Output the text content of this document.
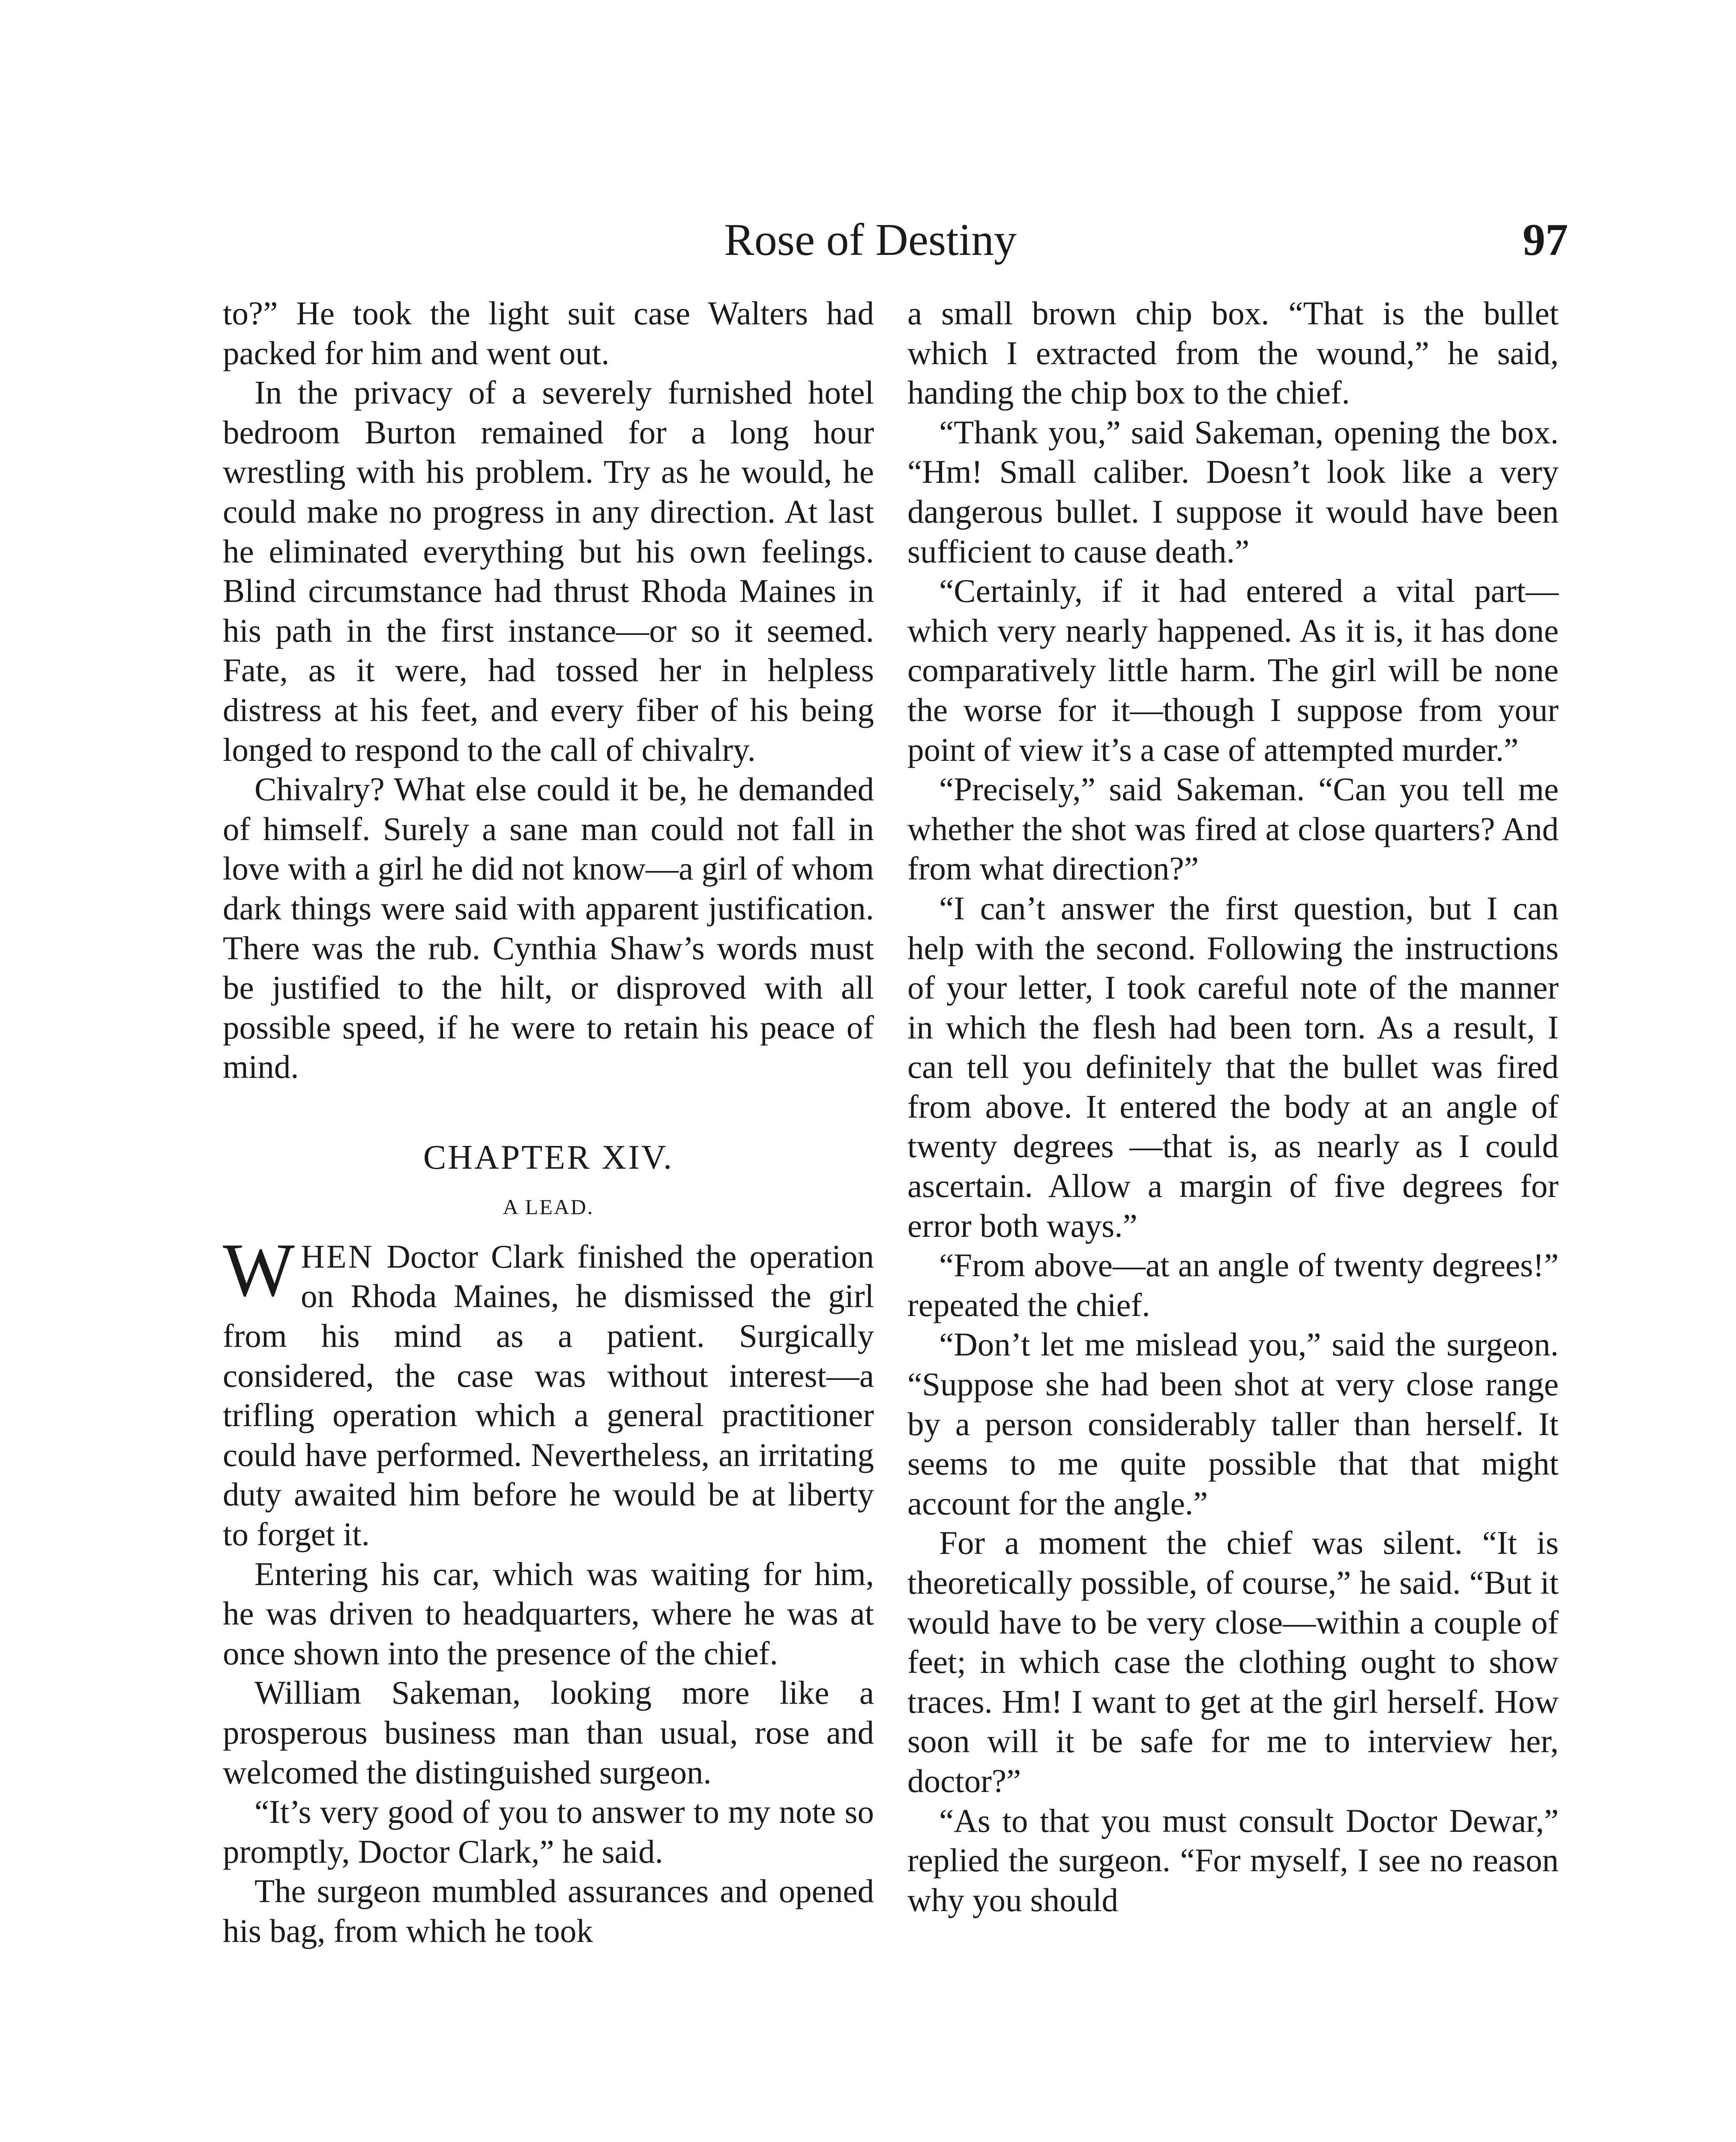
Rose of Destiny	97

to?” He took the light suit case Walters had packed for him and went out.

In the privacy of a severely furnished hotel bedroom Burton remained for a long hour wrestling with his problem. Try as he would, he could make no progress in any direction. At last he eliminated everything but his own feelings. Blind circumstance had thrust Rhoda Maines in his path in the first instance—or so it seemed. Fate, as it were, had tossed her in helpless distress at his feet, and every fiber of his being longed to respond to the call of chivalry.

Chivalry? What else could it be, he demanded of himself. Surely a sane man could not fall in love with a girl he did not know—a girl of whom dark things were said with apparent justification. There was the rub. Cynthia Shaw’s words must be justified to the hilt, or disproved with all possible speed, if he were to retain his peace of mind.

CHAPTER XIV.
A LEAD.

WHEN Doctor Clark finished the operation on Rhoda Maines, he dismissed the girl from his mind as a patient. Surgically considered, the case was without interest—a trifling operation which a general practitioner could have performed. Nevertheless, an irritating duty awaited him before he would be at liberty to forget it.

Entering his car, which was waiting for him, he was driven to headquarters, where he was at once shown into the presence of the chief.

William Sakeman, looking more like a prosperous business man than usual, rose and welcomed the distinguished surgeon.

“It’s very good of you to answer to my note so promptly, Doctor Clark,” he said.

The surgeon mumbled assurances and opened his bag, from which he took

a small brown chip box. “That is the bullet which I extracted from the wound,” he said, handing the chip box to the chief.

“Thank you,” said Sakeman, opening the box. “Hm! Small caliber. Doesn’t look like a very dangerous bullet. I suppose it would have been sufficient to cause death.”

“Certainly, if it had entered a vital part—which very nearly happened. As it is, it has done comparatively little harm. The girl will be none the worse for it—though I suppose from your point of view it’s a case of attempted murder.”

“Precisely,” said Sakeman. “Can you tell me whether the shot was fired at close quarters? And from what direction?”

“I can’t answer the first question, but I can help with the second. Following the instructions of your letter, I took careful note of the manner in which the flesh had been torn. As a result, I can tell you definitely that the bullet was fired from above. It entered the body at an angle of twenty degrees —that is, as nearly as I could ascertain. Allow a margin of five degrees for error both ways.”

“From above—at an angle of twenty degrees!” repeated the chief.

“Don’t let me mislead you,” said the surgeon. “Suppose she had been shot at very close range by a person considerably taller than herself. It seems to me quite possible that that might account for the angle.”

For a moment the chief was silent. “It is theoretically possible, of course,” he said. “But it would have to be very close—within a couple of feet; in which case the clothing ought to show traces. Hm! I want to get at the girl herself. How soon will it be safe for me to interview her, doctor?”

“As to that you must consult Doctor Dewar,” replied the surgeon. “For myself, I see no reason why you should
